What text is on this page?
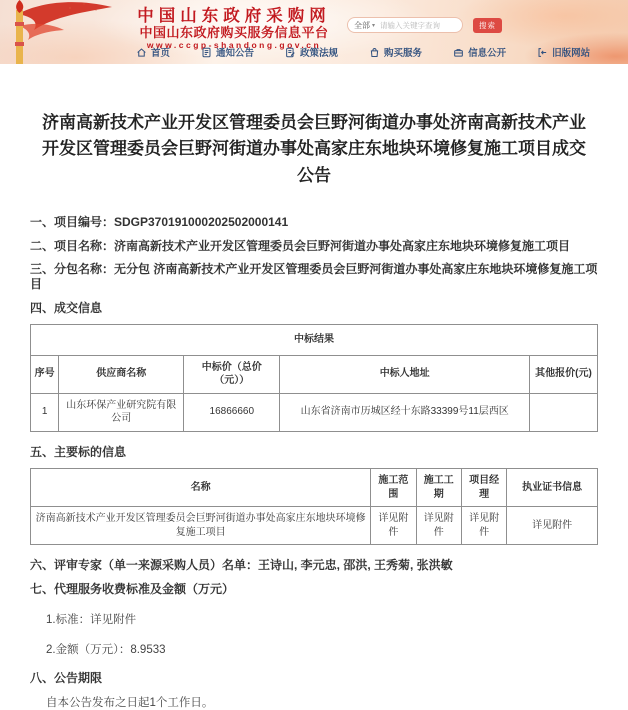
中国山东政府采购网
中国山东政府购买服务信息平台
www.ccgp-shandong.gov.cn
全部 ▾
请输入关键字查询	搜索
首页	通知公告	政策法规	购买服务	信息公开	旧版网站
济南高新技术产业开发区管理委员会巨野河街道办事处济南高新技术产业开发区管理委员会巨野河街道办事处高家庄东地块环境修复施工项目成交公告
一、项目编号：SDGP370191000202502000141
二、项目名称：济南高新技术产业开发区管理委员会巨野河街道办事处高家庄东地块环境修复施工项目
三、分包名称：无分包 济南高新技术产业开发区管理委员会巨野河街道办事处高家庄东地块环境修复施工项目
四、成交信息
中标结果				
序号	供应商名称	中标价（总价（元））	中标人地址	其他报价(元)
1	山东环保产业研究院有限公司	16866660	山东省济南市历城区经十东路33399号11层西区	
五、主要标的信息
名称	施工范围	施工工期	项目经理	执业证书信息
济南高新技术产业开发区管理委员会巨野河街道办事处高家庄东地块环境修复施工项目	详见附件	详见附件	详见附件	详见附件
六、评审专家（单一来源采购人员）名单：王诗山, 李元忠, 邵洪, 王秀菊, 张洪敏
七、代理服务收费标准及金额（万元）
1.标准：详见附件
2.金额（万元）：8.9533
八、公告期限
自本公告发布之日起1个工作日。
